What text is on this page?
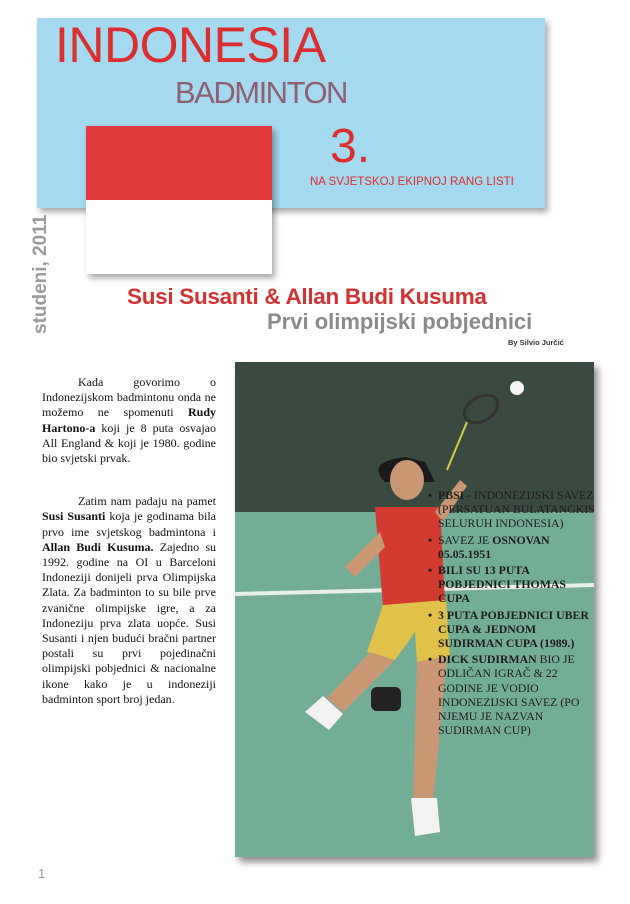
INDONESIA
BADMINTON
3.
NA SVJETSKOJ EKIPNOJ RANG LISTI
studeni, 2011	Susi Susanti & Allan Budi Kusuma
Prvi olimpijski pobjednici
By Silvio Jurčić

Kada govorimo o Indonezijskom badmintonu onda ne možemo ne spomenuti Rudy Hartono-a koji je 8 puta osvajao All England & koji je 1980. godine bio svjetski prvak.

Zatim nam padaju na pamet Susi Susanti koja je godinama bila prvo ime svjetskog badmintona i Allan Budi Kusuma. Zajedno su 1992. godine na OI u Barceloni Indoneziji donijeli prva Olimpijska Zlata. Za badminton to su bile prve zvanične olimpijske igre, a za Indoneziju prva zlata uopće. Susi Susanti i njen budući bračni partner postali su prvi pojedinačni olimpijski pobjednici & nacionalne ikone kako je u indoneziji badminton sport broj jedan.

• PBSI - INDONEZIJSKI SAVEZ (PERSATUAN BULATANGKIS SELURUH INDONESIA)
• SAVEZ JE OSNOVAN 05.05.1951
• BILI SU 13 PUTA POBJEDNICI THOMAS CUPA
• 3 PUTA POBJEDNICI UBER CUPA & JEDNOM SUDIRMAN CUPA (1989.)
• DICK SUDIRMAN BIO JE ODLIČAN IGRAČ & 22 GODINE JE VODIO INDONEZIJSKI SAVEZ (PO NJEMU JE NAZVAN SUDIRMAN CUP)
1
